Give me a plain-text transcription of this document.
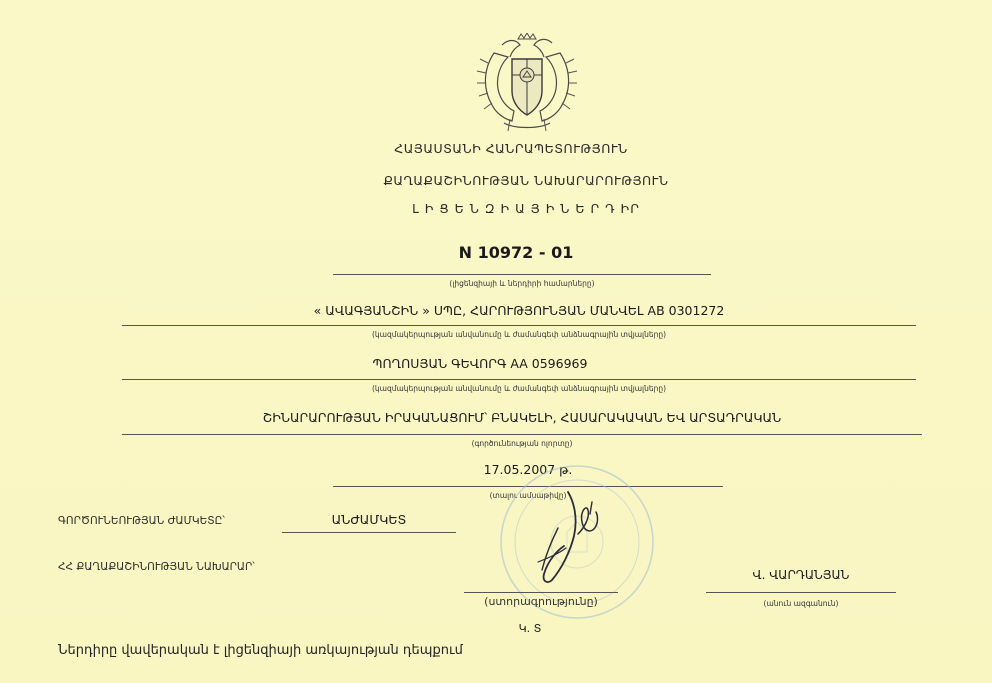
ՀԱՅԱՍՏԱՆԻ ՀԱՆՐԱՊԵՏՈՒԹՅՈՒՆ
ՔԱՂԱՔԱՇԻՆՈՒԹՅԱՆ ՆԱԽԱՐԱՐՈՒԹՅՈՒՆ
Լ Ի Ց Ե Ն Զ Ի Ա Յ Ի Ն Ե Ր Դ ԻՐ
N 10972 - 01
(լիցենզիայի և ներդիրի համարները)
« ԱՎԱԳՅԱՆՇԻՆ » ՍՊԸ, ՀԱՐՈՒԹՅՈՒՆՅԱՆ ՄԱՆՎԵԼ AB 0301272
(կազմակերպության անվանումը և ժամանգեփ անձնագրային տվյալները)
ՊՈՂՈՍՅԱՆ ԳԵՎՈՐԳ AA 0596969
(կազմակերպության անվանումը և ժամանգեփ անձնագրային տվյալները)
ՇԻՆԱՐԱՐՈՒԹՅԱՆ ԻՐԱԿԱՆԱՑՈՒՄ՝ ԲՆԱԿԵԼԻ, ՀԱՍԱՐԱԿԱԿԱՆ ԵՎ ԱՐՏԱԴՐԱԿԱՆ
(գործունեության ոլորտը)
17.05.2007 թ.
(տալու ամսաթիվը)
ԳՈՐԾՈՒՆԵՈՒԹՅԱՆ ԺԱՄԿԵՏԸ՝	ԱՆԺԱՄԿԵՏ
ՀՀ ՔԱՂԱՔԱՇԻՆՈՒԹՅԱՆ ՆԱԽԱՐԱՐ՝
(ստորագրությունը)
Վ. ՎԱՐԴԱՆՅԱՆ
(անուն ազգանուն)
Կ. Տ
Ներդիրը վավերական է լիցենզիայի առկայության դեպքում
